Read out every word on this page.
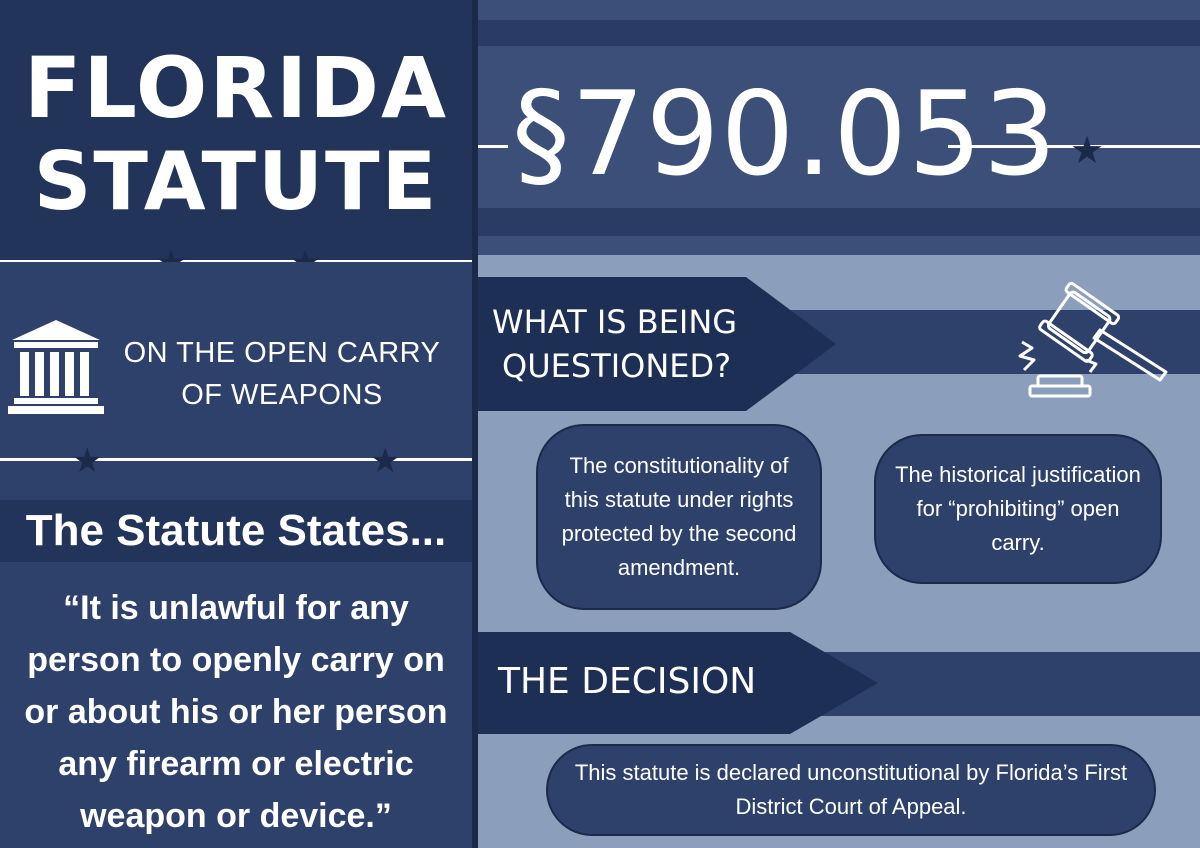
FLORIDA
STATUTE
ON THE OPEN CARRY OF WEAPONS
★	★
The Statute States...
“It is unlawful for any person to openly carry on or about his or her person any firearm or electric weapon or device.”
★
§790.053
WHAT IS BEING
QUESTIONED?
The constitutionality of this statute under rights protected by the second amendment.
The historical justification for “prohibiting” open carry.
THE DECISION
This statute is declared unconstitutional by Florida’s First District Court of Appeal.
